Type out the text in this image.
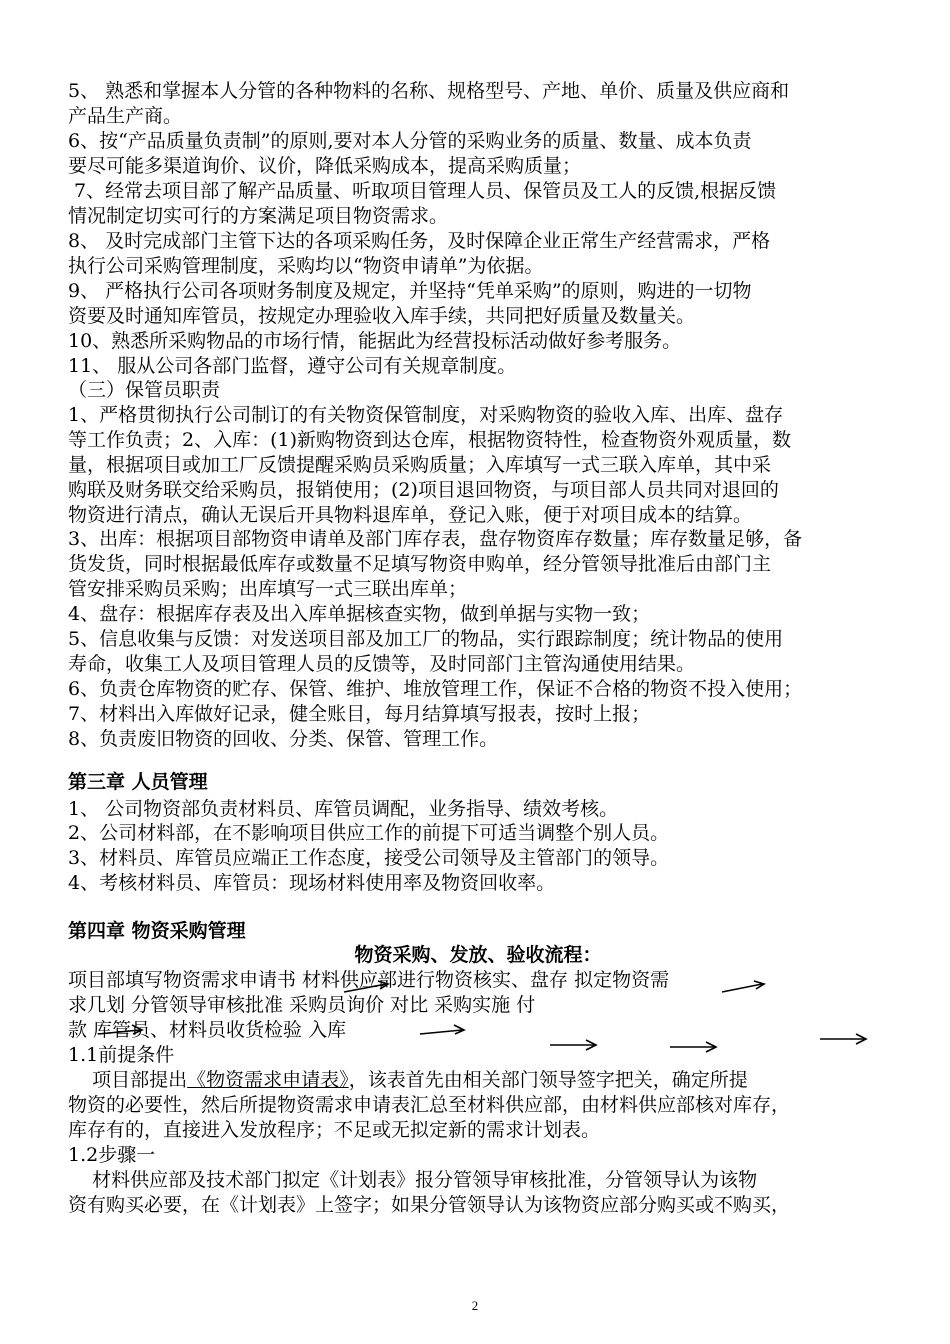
5、 熟悉和掌握本人分管的各种物料的名称、规格型号、产地、单价、质量及供应商和
产品生产商。
6、按“产品质量负责制”的原则,要对本人分管的采购业务的质量、数量、成本负责
要尽可能多渠道询价、议价，降低采购成本，提高采购质量；
7、经常去项目部了解产品质量、听取项目管理人员、保管员及工人的反馈,根据反馈
情况制定切实可行的方案满足项目物资需求。
8、 及时完成部门主管下达的各项采购任务，及时保障企业正常生产经营需求，严格
执行公司采购管理制度，采购均以“物资申请单”为依据。
9、 严格执行公司各项财务制度及规定，并坚持“凭单采购”的原则，购进的一切物
资要及时通知库管员，按规定办理验收入库手续，共同把好质量及数量关。
10、熟悉所采购物品的市场行情，能据此为经营投标活动做好参考服务。
11、 服从公司各部门监督，遵守公司有关规章制度。
（三）保管员职责
1、严格贯彻执行公司制订的有关物资保管制度，对采购物资的验收入库、出库、盘存
等工作负责；2、入库：(1)新购物资到达仓库，根据物资特性，检查物资外观质量，数
量，根据项目或加工厂反馈提醒采购员采购质量；入库填写一式三联入库单，其中采
购联及财务联交给采购员，报销使用；(2)项目退回物资，与项目部人员共同对退回的
物资进行清点，确认无误后开具物料退库单，登记入账，便于对项目成本的结算。
3、出库：根据项目部物资申请单及部门库存表，盘存物资库存数量；库存数量足够，备
货发货，同时根据最低库存或数量不足填写物资申购单，经分管领导批准后由部门主
管安排采购员采购；出库填写一式三联出库单；
4、盘存：根据库存表及出入库单据核查实物，做到单据与实物一致；
5、信息收集与反馈：对发送项目部及加工厂的物品，实行跟踪制度；统计物品的使用
寿命，收集工人及项目管理人员的反馈等，及时同部门主管沟通使用结果。
6、负责仓库物资的贮存、保管、维护、堆放管理工作，保证不合格的物资不投入使用；
7、材料出入库做好记录，健全账目，每月结算填写报表，按时上报；
8、负责废旧物资的回收、分类、保管、管理工作。
第三章 人员管理
1、 公司物资部负责材料员、库管员调配，业务指导、绩效考核。
2、公司材料部，在不影响项目供应工作的前提下可适当调整个别人员。
3、材料员、库管员应端正工作态度，接受公司领导及主管部门的领导。
4、考核材料员、库管员：现场材料使用率及物资回收率。
第四章 物资采购管理
物资采购、发放、验收流程：
项目部填写物资需求申请书 材料供应部进行物资核实、盘存 拟定物资需
求几划 分管领导审核批准 采购员询价 对比 采购实施 付
款 库管员、材料员收货检验 入库
1.1前提条件
项目部提出《物资需求申请表》，该表首先由相关部门领导签字把关，确定所提
物资的必要性，然后所提物资需求申请表汇总至材料供应部，由材料供应部核对库存，
库存有的，直接进入发放程序；不足或无拟定新的需求计划表。
1.2步骤一
材料供应部及技术部门拟定《计划表》报分管领导审核批准，分管领导认为该物
资有购买必要，在《计划表》上签字；如果分管领导认为该物资应部分购买或不购买，
2
